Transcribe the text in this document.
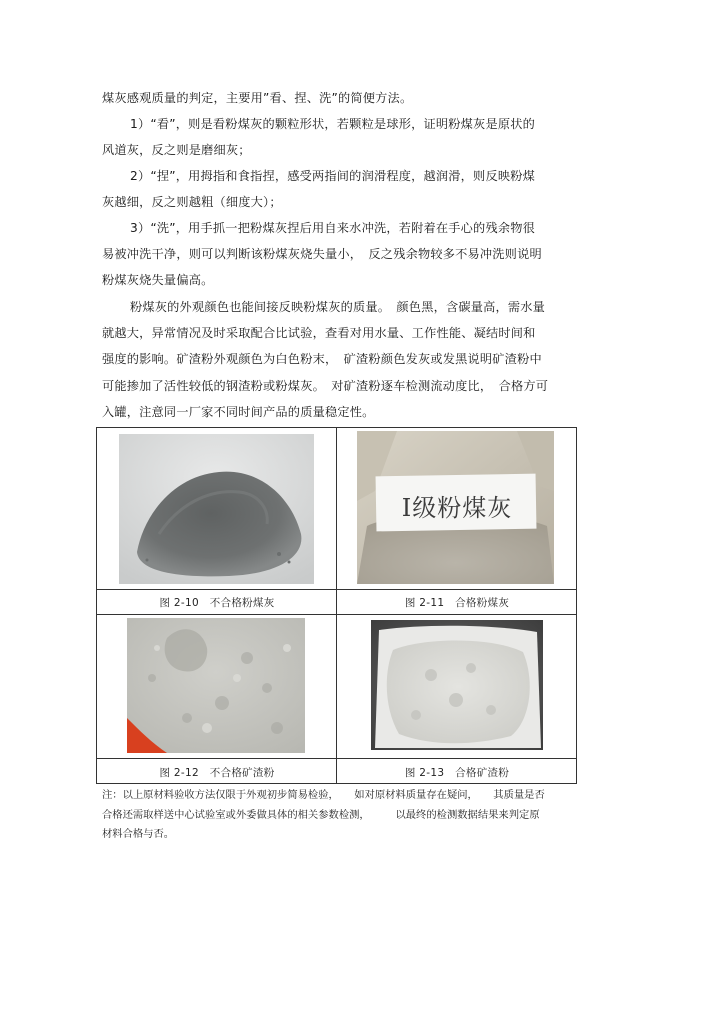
煤灰感观质量的判定，主要用”看、捏、洗”的简便方法。
1）“看”，则是看粉煤灰的颗粒形状，若颗粒是球形，证明粉煤灰是原状的
风道灰，反之则是磨细灰；
2）“捏”，用拇指和食指捏，感受两指间的润滑程度，越润滑，则反映粉煤
灰越细，反之则越粗（细度大）；
3）“洗”，用手抓一把粉煤灰捏后用自来水冲洗，若附着在手心的残余物很
易被冲洗干净，则可以判断该粉煤灰烧失量小，　反之残余物较多不易冲洗则说明
粉煤灰烧失量偏高。
粉煤灰的外观颜色也能间接反映粉煤灰的质量。　颜色黑，含碳量高，需水量
就越大，异常情况及时采取配合比试验，查看对用水量、工作性能、凝结时间和
强度的影响。矿渣粉外观颜色为白色粉末，　矿渣粉颜色发灰或发黑说明矿渣粉中
可能掺加了活性较低的钢渣粉或粉煤灰。　对矿渣粉逐车检测流动度比，　合格方可
入罐，注意同一厂家不同时间产品的质量稳定性。
Ⅰ级粉煤灰
图 2-10　不合格粉煤灰	图 2-11　合格粉煤灰
图 2-12　不合格矿渣粉	图 2-13　合格矿渣粉
注：以上原材料验收方法仅限于外观初步简易检验，　　如对原材料质量存在疑问，　　其质量是否
合格还需取样送中心试验室或外委做具体的相关参数检测，　　　以最终的检测数据结果来判定原
材料合格与否。
